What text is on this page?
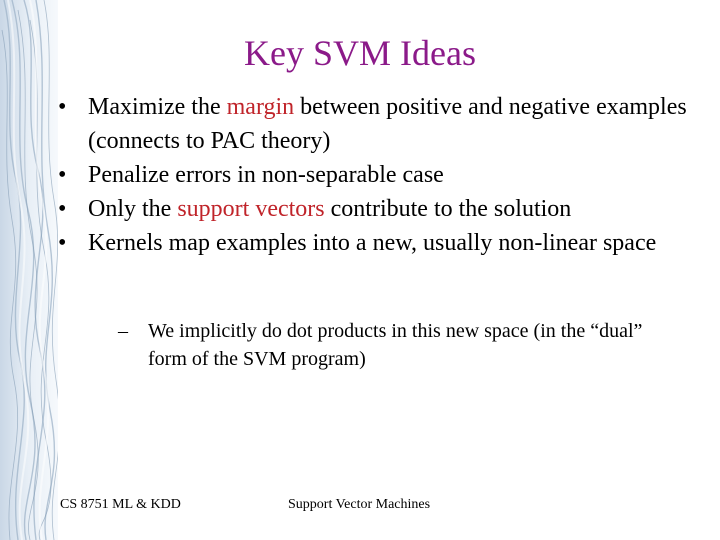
Key SVM Ideas
• Maximize the margin between positive and negative examples (connects to PAC theory)
• Penalize errors in non-separable case
• Only the support vectors contribute to the solution
• Kernels map examples into a new, usually non-linear space
– We implicitly do dot products in this new space (in the “dual” form of the SVM program)
CS 8751 ML & KDD	Support Vector Machines
